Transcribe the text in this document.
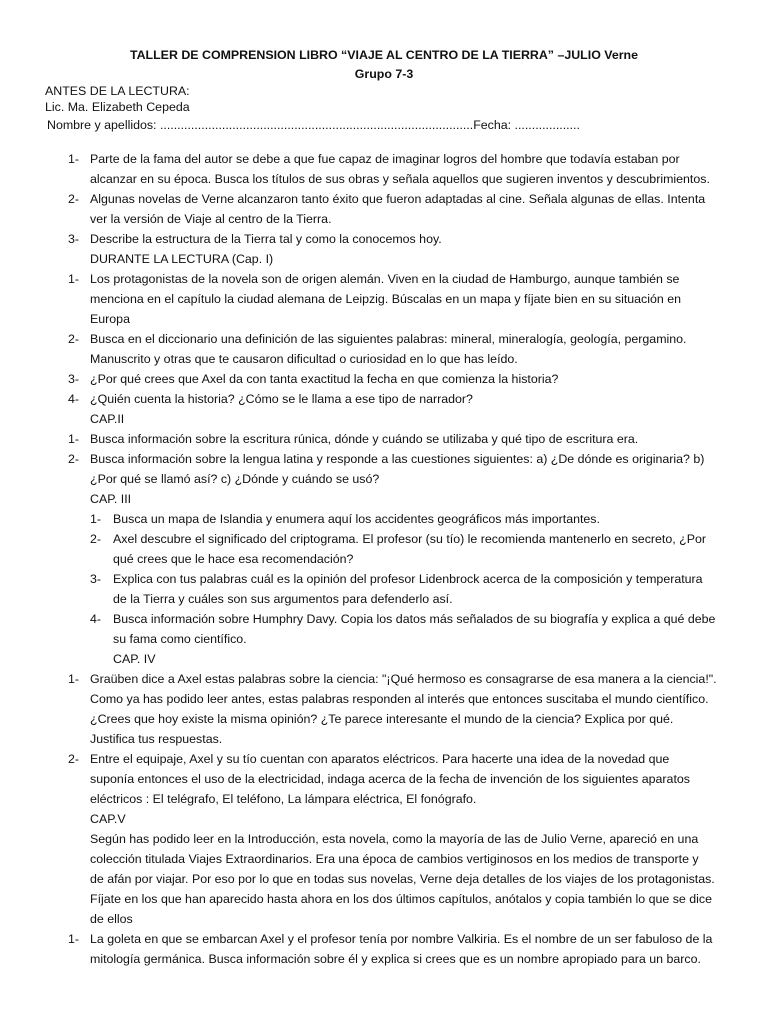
TALLER DE COMPRENSION LIBRO “VIAJE AL CENTRO DE LA TIERRA” –JULIO Verne
Grupo 7-3
ANTES DE LA LECTURA:
Lic. Ma. Elizabeth Cepeda
Nombre y apellidos: ...........................................................................................Fecha: ...................
1- Parte de la fama del autor se debe a que fue capaz de imaginar logros del hombre que todavía estaban por
alcanzar en su época. Busca los títulos de sus obras y señala aquellos que sugieren inventos y descubrimientos.
2- Algunas novelas de Verne alcanzaron tanto éxito que fueron adaptadas al cine. Señala algunas de ellas. Intenta
ver la versión de Viaje al centro de la Tierra.
3- Describe la estructura de la Tierra tal y como la conocemos hoy.
DURANTE LA LECTURA (Cap. I)
1- Los protagonistas de la novela son de origen alemán. Viven en la ciudad de Hamburgo, aunque también se
menciona en el capítulo la ciudad alemana de Leipzig. Búscalas en un mapa y fíjate bien en su situación en
Europa
2- Busca en el diccionario una definición de las siguientes palabras: mineral, mineralogía, geología, pergamino.
Manuscrito y otras que te causaron dificultad o curiosidad en lo que has leído.
3- ¿Por qué crees que Axel da con tanta exactitud la fecha en que comienza la historia?
4- ¿Quién cuenta la historia? ¿Cómo se le llama a ese tipo de narrador?
CAP.II
1- Busca información sobre la escritura rúnica, dónde y cuándo se utilizaba y qué tipo de escritura era.
2- Busca información sobre la lengua latina y responde a las cuestiones siguientes: a) ¿De dónde es originaria? b)
¿Por qué se llamó así? c) ¿Dónde y cuándo se usó?
CAP. III
1- Busca un mapa de Islandia y enumera aquí los accidentes geográficos más importantes.
2- Axel descubre el significado del criptograma. El profesor (su tío) le recomienda mantenerlo en secreto, ¿Por
qué crees que le hace esa recomendación?
3- Explica con tus palabras cuál es la opinión del profesor Lidenbrock acerca de la composición y temperatura
de la Tierra y cuáles son sus argumentos para defenderlo así.
4- Busca información sobre Humphry Davy. Copia los datos más señalados de su biografía y explica a qué debe
su fama como científico.
CAP. IV
1- Graüben dice a Axel estas palabras sobre la ciencia: "¡Qué hermoso es consagrarse de esa manera a la ciencia!".
Como ya has podido leer antes, estas palabras responden al interés que entonces suscitaba el mundo científico.
¿Crees que hoy existe la misma opinión? ¿Te parece interesante el mundo de la ciencia? Explica por qué.
Justifica tus respuestas.
2- Entre el equipaje, Axel y su tío cuentan con aparatos eléctricos. Para hacerte una idea de la novedad que
suponía entonces el uso de la electricidad, indaga acerca de la fecha de invención de los siguientes aparatos
eléctricos : El telégrafo, El teléfono, La lámpara eléctrica, El fonógrafo.
CAP.V
Según has podido leer en la Introducción, esta novela, como la mayoría de las de Julio Verne, apareció en una
colección titulada Viajes Extraordinarios. Era una época de cambios vertiginosos en los medios de transporte y
de afán por viajar. Por eso por lo que en todas sus novelas, Verne deja detalles de los viajes de los protagonistas.
Fíjate en los que han aparecido hasta ahora en los dos últimos capítulos, anótalos y copia también lo que se dice
de ellos
1- La goleta en que se embarcan Axel y el profesor tenía por nombre Valkiria. Es el nombre de un ser fabuloso de la
mitología germánica. Busca información sobre él y explica si crees que es un nombre apropiado para un barco.
